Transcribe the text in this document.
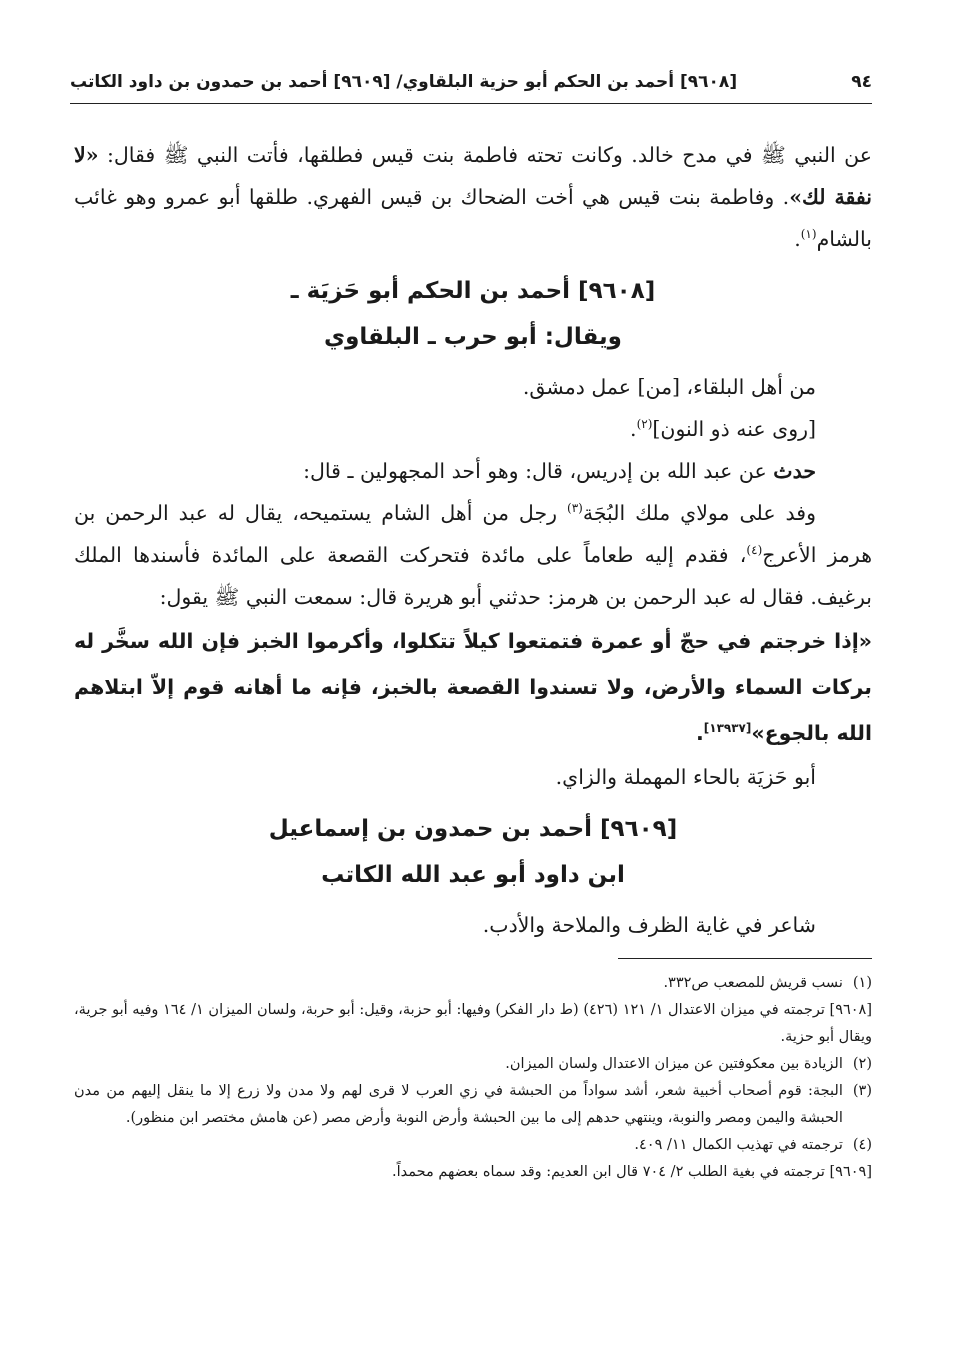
٩٤
[٩٦٠٨] أحمد بن الحكم أبو حزية البلقاوي/ [٩٦٠٩] أحمد بن حمدون بن داود الكاتب

عن النبي ﷺ في مدح خالد. وكانت تحته فاطمة بنت قيس فطلقها، فأتت النبي ﷺ فقال: «لا نفقة لك». وفاطمة بنت قيس هي أخت الضحاك بن قيس الفهري. طلقها أبو عمرو وهو غائب بالشام$^{(١)}$.

[٩٦٠٨] أحمد بن الحكم أبو حَزيَة ـ
ويقال: أبو حرب ـ البلقاوي

من أهل البلقاء، [من] عمل دمشق.

[روى عنه ذو النون]$^{(٢)}$.

حدث عن عبد الله بن إدريس، قال: وهو أحد المجهولين ـ قال:

وفد على مولاي ملك البُجَة$^{(٣)}$ رجل من أهل الشام يستميحه، يقال له عبد الرحمن بن هرمز الأعرج$^{(٤)}$، فقدم إليه طعاماً على مائدة فتحركت القصعة على المائدة فأسندها الملك برغيف. فقال له عبد الرحمن بن هرمز: حدثني أبو هريرة قال: سمعت النبي ﷺ يقول:

«إذا خرجتم في حجّ أو عمرة فتمتعوا كيلاً تتكلوا، وأكرموا الخبز فإن الله سخَّر له بركات السماء والأرض، ولا تسندوا القصعة بالخبز، فإنه ما أهانه قوم إلاّ ابتلاهم الله بالجوع»[١٣٩٣٧].

أبو حَزيَة بالحاء المهملة والزاي.

[٩٦٠٩] أحمد بن حمدون بن إسماعيل
ابن داود أبو عبد الله الكاتب

شاعر في غاية الظرف والملاحة والأدب.

(١)
نسب قريش للمصعب ص٣٣٢.
[٩٦٠٨] ترجمته في ميزان الاعتدال ١/ ١٢١ (٤٢٦) (ط دار الفكر) وفيها: أبو حزبة، وقيل: أبو حربة، ولسان الميزان ١/ ١٦٤ وفيه أبو جرية، ويقال أبو حزية.
(٢)
الزيادة بين معكوفتين عن ميزان الاعتدال ولسان الميزان.
(٣)
البجة: قوم أصحاب أخبية شعر، أشد سواداً من الحبشة في زي العرب لا قرى لهم ولا مدن ولا زرع إلا ما ينقل إليهم من مدن الحبشة واليمن ومصر والنوبة، وينتهي حدهم إلى ما بين الحبشة وأرض النوبة وأرض مصر (عن هامش مختصر ابن منظور).
(٤)
ترجمته في تهذيب الكمال ١١/ ٤٠٩.
[٩٦٠٩] ترجمته في بغية الطلب ٢/ ٧٠٤ قال ابن العديم: وقد سماه بعضهم محمداً.
